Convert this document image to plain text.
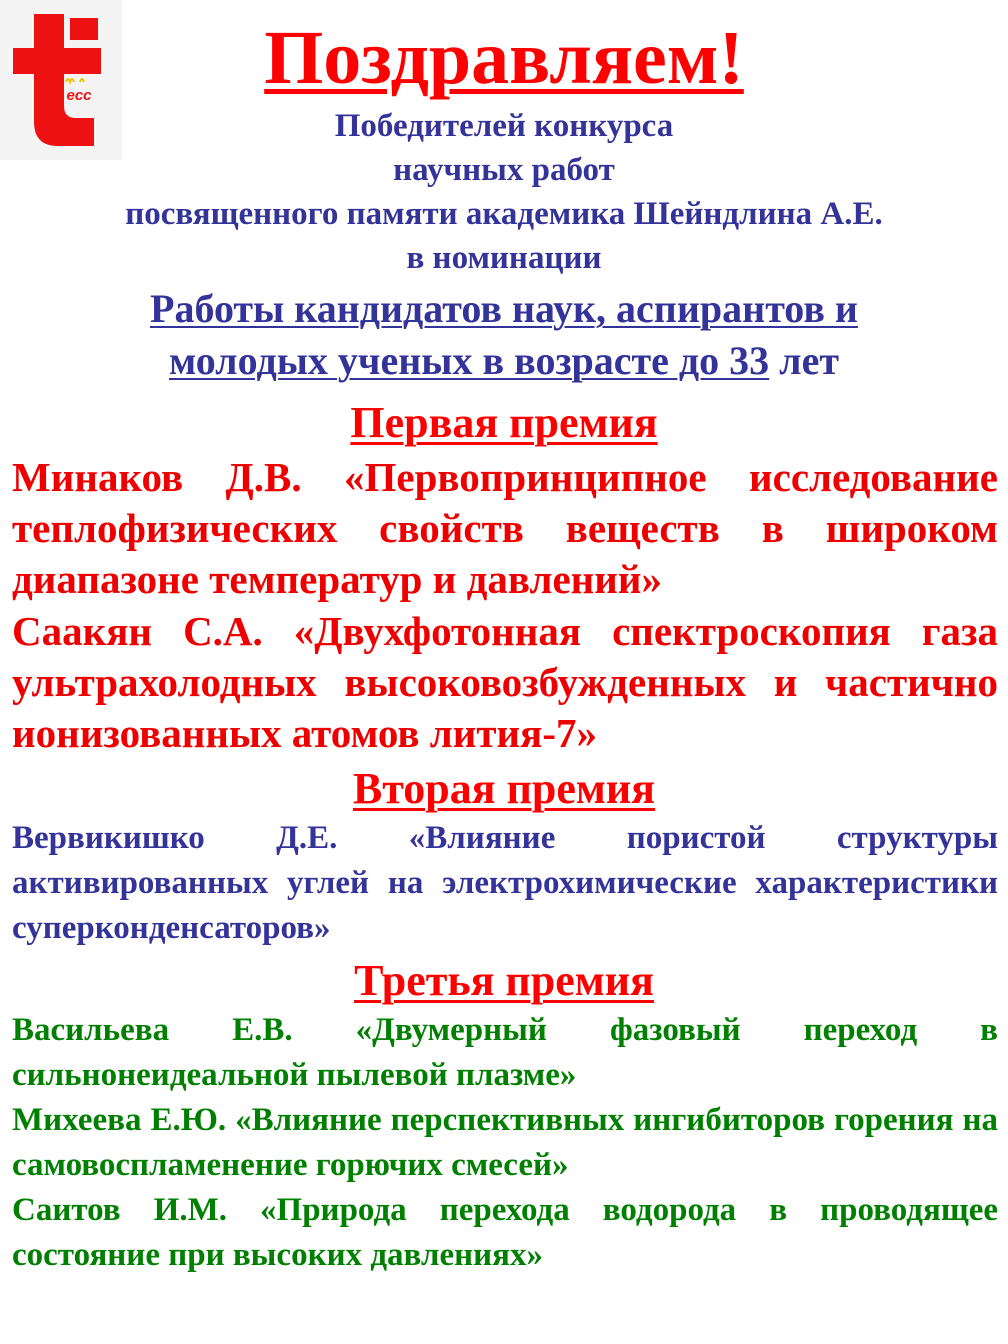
ecc	Поздравляем!
Победителей конкурса
научных работ
посвященного памяти академика Шейндлина А.Е.
в номинации
Работы кандидатов наук, аспирантов и
молодых ученых в возрасте до 33 лет
Первая премия
Минаков Д.В. «Первопринципное исследование теплофизических свойств веществ в широком диапазоне температур и давлений»
Саакян С.А. «Двухфотонная спектроскопия газа ультрахолодных высоковозбужденных и частично ионизованных атомов лития-7»
Вторая премия
Вервикишко Д.Е. «Влияние пористой структуры активированных углей на электрохимические характеристики суперконденсаторов»
Третья премия
Васильева Е.В. «Двумерный фазовый переход в сильнонеидеальной пылевой плазме»
Михеева Е.Ю. «Влияние перспективных ингибиторов горения на самовоспламенение горючих смесей»
Саитов И.М. «Природа перехода водорода в проводящее состояние при высоких давлениях»
